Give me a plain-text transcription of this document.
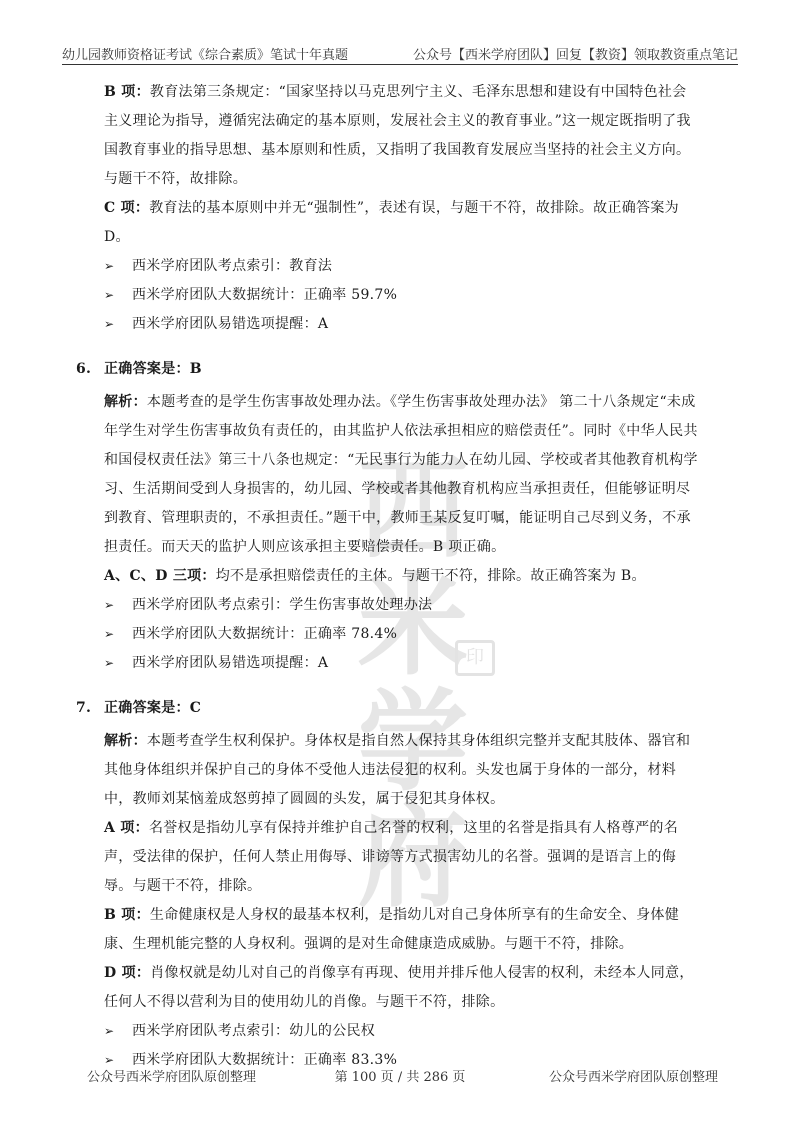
幼儿园教师资格证考试《综合素质》笔试十年真题	公众号【西米学府团队】回复【教资】领取教资重点笔记
西米
学府
印

B 项：教育法第三条规定：“国家坚持以马克思列宁主义、毛泽东思想和建设有中国特色社会主义理论为指导，遵循宪法确定的基本原则，发展社会主义的教育事业。”这一规定既指明了我国教育事业的指导思想、基本原则和性质，又指明了我国教育发展应当坚持的社会主义方向。与题干不符，故排除。

C 项：教育法的基本原则中并无“强制性”，表述有误，与题干不符，故排除。故正确答案为 D。

➢ 西米学府团队考点索引：教育法

➢ 西米学府团队大数据统计：正确率 59.7%

➢ 西米学府团队易错选项提醒：A

6. 正确答案是：B

解析：本题考查的是学生伤害事故处理办法。《学生伤害事故处理办法》 第二十八条规定“未成年学生对学生伤害事故负有责任的，由其监护人依法承担相应的赔偿责任”。同时《中华人民共和国侵权责任法》第三十八条也规定：“无民事行为能力人在幼儿园、学校或者其他教育机构学习、生活期间受到人身损害的，幼儿园、学校或者其他教育机构应当承担责任，但能够证明尽到教育、管理职责的，不承担责任。”题干中，教师王某反复叮嘱，能证明自己尽到义务，不承担责任。而天天的监护人则应该承担主要赔偿责任。B 项正确。

A、C、D 三项：均不是承担赔偿责任的主体。与题干不符，排除。故正确答案为 B。

➢ 西米学府团队考点索引：学生伤害事故处理办法

➢ 西米学府团队大数据统计：正确率 78.4%

➢ 西米学府团队易错选项提醒：A

7. 正确答案是：C

解析：本题考查学生权利保护。身体权是指自然人保持其身体组织完整并支配其肢体、器官和其他身体组织并保护自己的身体不受他人违法侵犯的权利。头发也属于身体的一部分，材料中，教师刘某恼羞成怒剪掉了圆圆的头发，属于侵犯其身体权。

A 项：名誉权是指幼儿享有保持并维护自己名誉的权利，这里的名誉是指具有人格尊严的名声，受法律的保护，任何人禁止用侮辱、诽谤等方式损害幼儿的名誉。强调的是语言上的侮辱。与题干不符，排除。

B 项：生命健康权是人身权的最基本权利，是指幼儿对自己身体所享有的生命安全、身体健康、生理机能完整的人身权利。强调的是对生命健康造成威胁。与题干不符，排除。

D 项：肖像权就是幼儿对自己的肖像享有再现、使用并排斥他人侵害的权利，未经本人同意，任何人不得以营利为目的使用幼儿的肖像。与题干不符，排除。

➢ 西米学府团队考点索引：幼儿的公民权

➢ 西米学府团队大数据统计：正确率 83.3%

公众号西米学府团队原创整理	第 100 页 / 共 286 页	公众号西米学府团队原创整理
